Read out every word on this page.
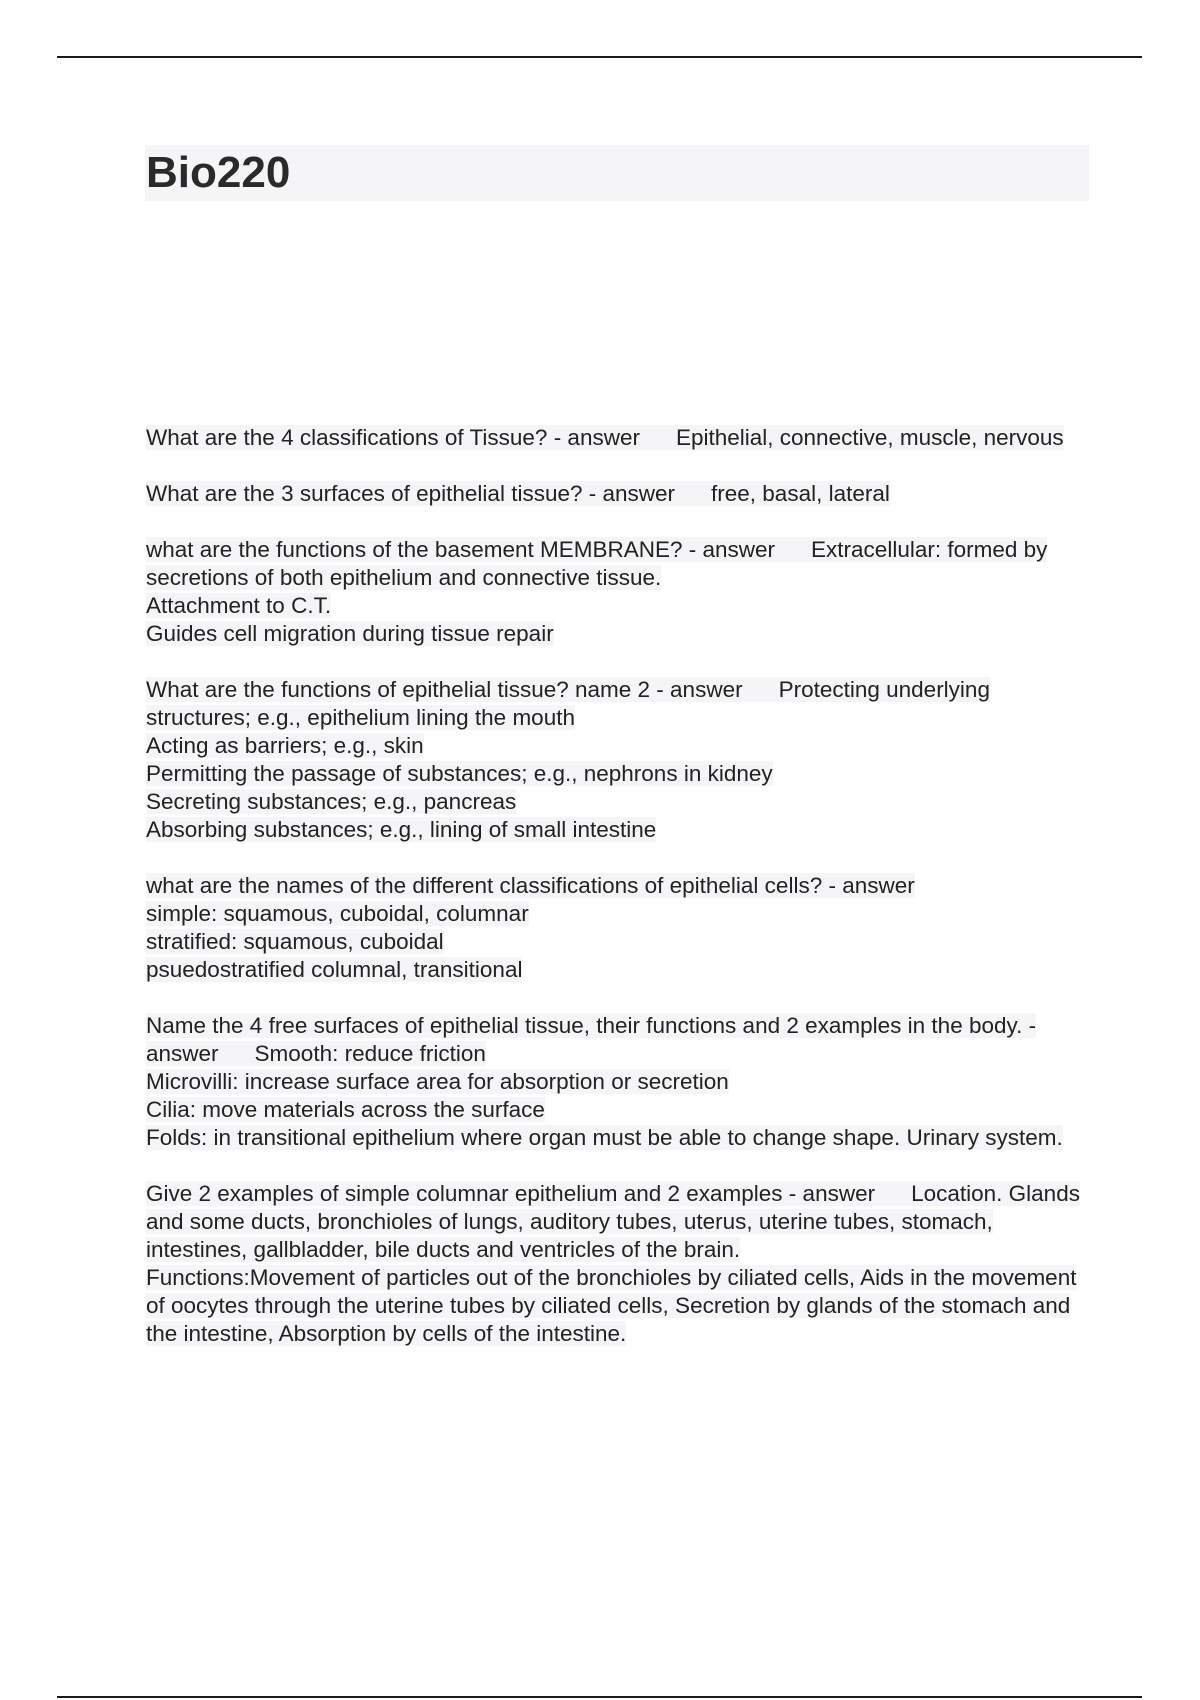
Bio220

What are the 4 classifications of Tissue? - answer Epithelial, connective, muscle, nervous

What are the 3 surfaces of epithelial tissue? - answer free, basal, lateral

what are the functions of the basement MEMBRANE? - answer Extracellular: formed by secretions of both epithelium and connective tissue.

Attachment to C.T.

Guides cell migration during tissue repair

What are the functions of epithelial tissue? name 2 - answer Protecting underlying structures; e.g., epithelium lining the mouth

Acting as barriers; e.g., skin

Permitting the passage of substances; e.g., nephrons in kidney

Secreting substances; e.g., pancreas

Absorbing substances; e.g., lining of small intestine

what are the names of the different classifications of epithelial cells? - answer

simple: squamous, cuboidal, columnar

stratified: squamous, cuboidal

psuedostratified columnal, transitional

Name the 4 free surfaces of epithelial tissue, their functions and 2 examples in the body. - answer Smooth: reduce friction

Microvilli: increase surface area for absorption or secretion

Cilia: move materials across the surface

Folds: in transitional epithelium where organ must be able to change shape. Urinary system.

Give 2 examples of simple columnar epithelium and 2 examples - answer Location. Glands and some ducts, bronchioles of lungs, auditory tubes, uterus, uterine tubes, stomach, intestines, gallbladder, bile ducts and ventricles of the brain.

Functions:Movement of particles out of the bronchioles by ciliated cells, Aids in the movement of oocytes through the uterine tubes by ciliated cells, Secretion by glands of the stomach and the intestine, Absorption by cells of the intestine.
